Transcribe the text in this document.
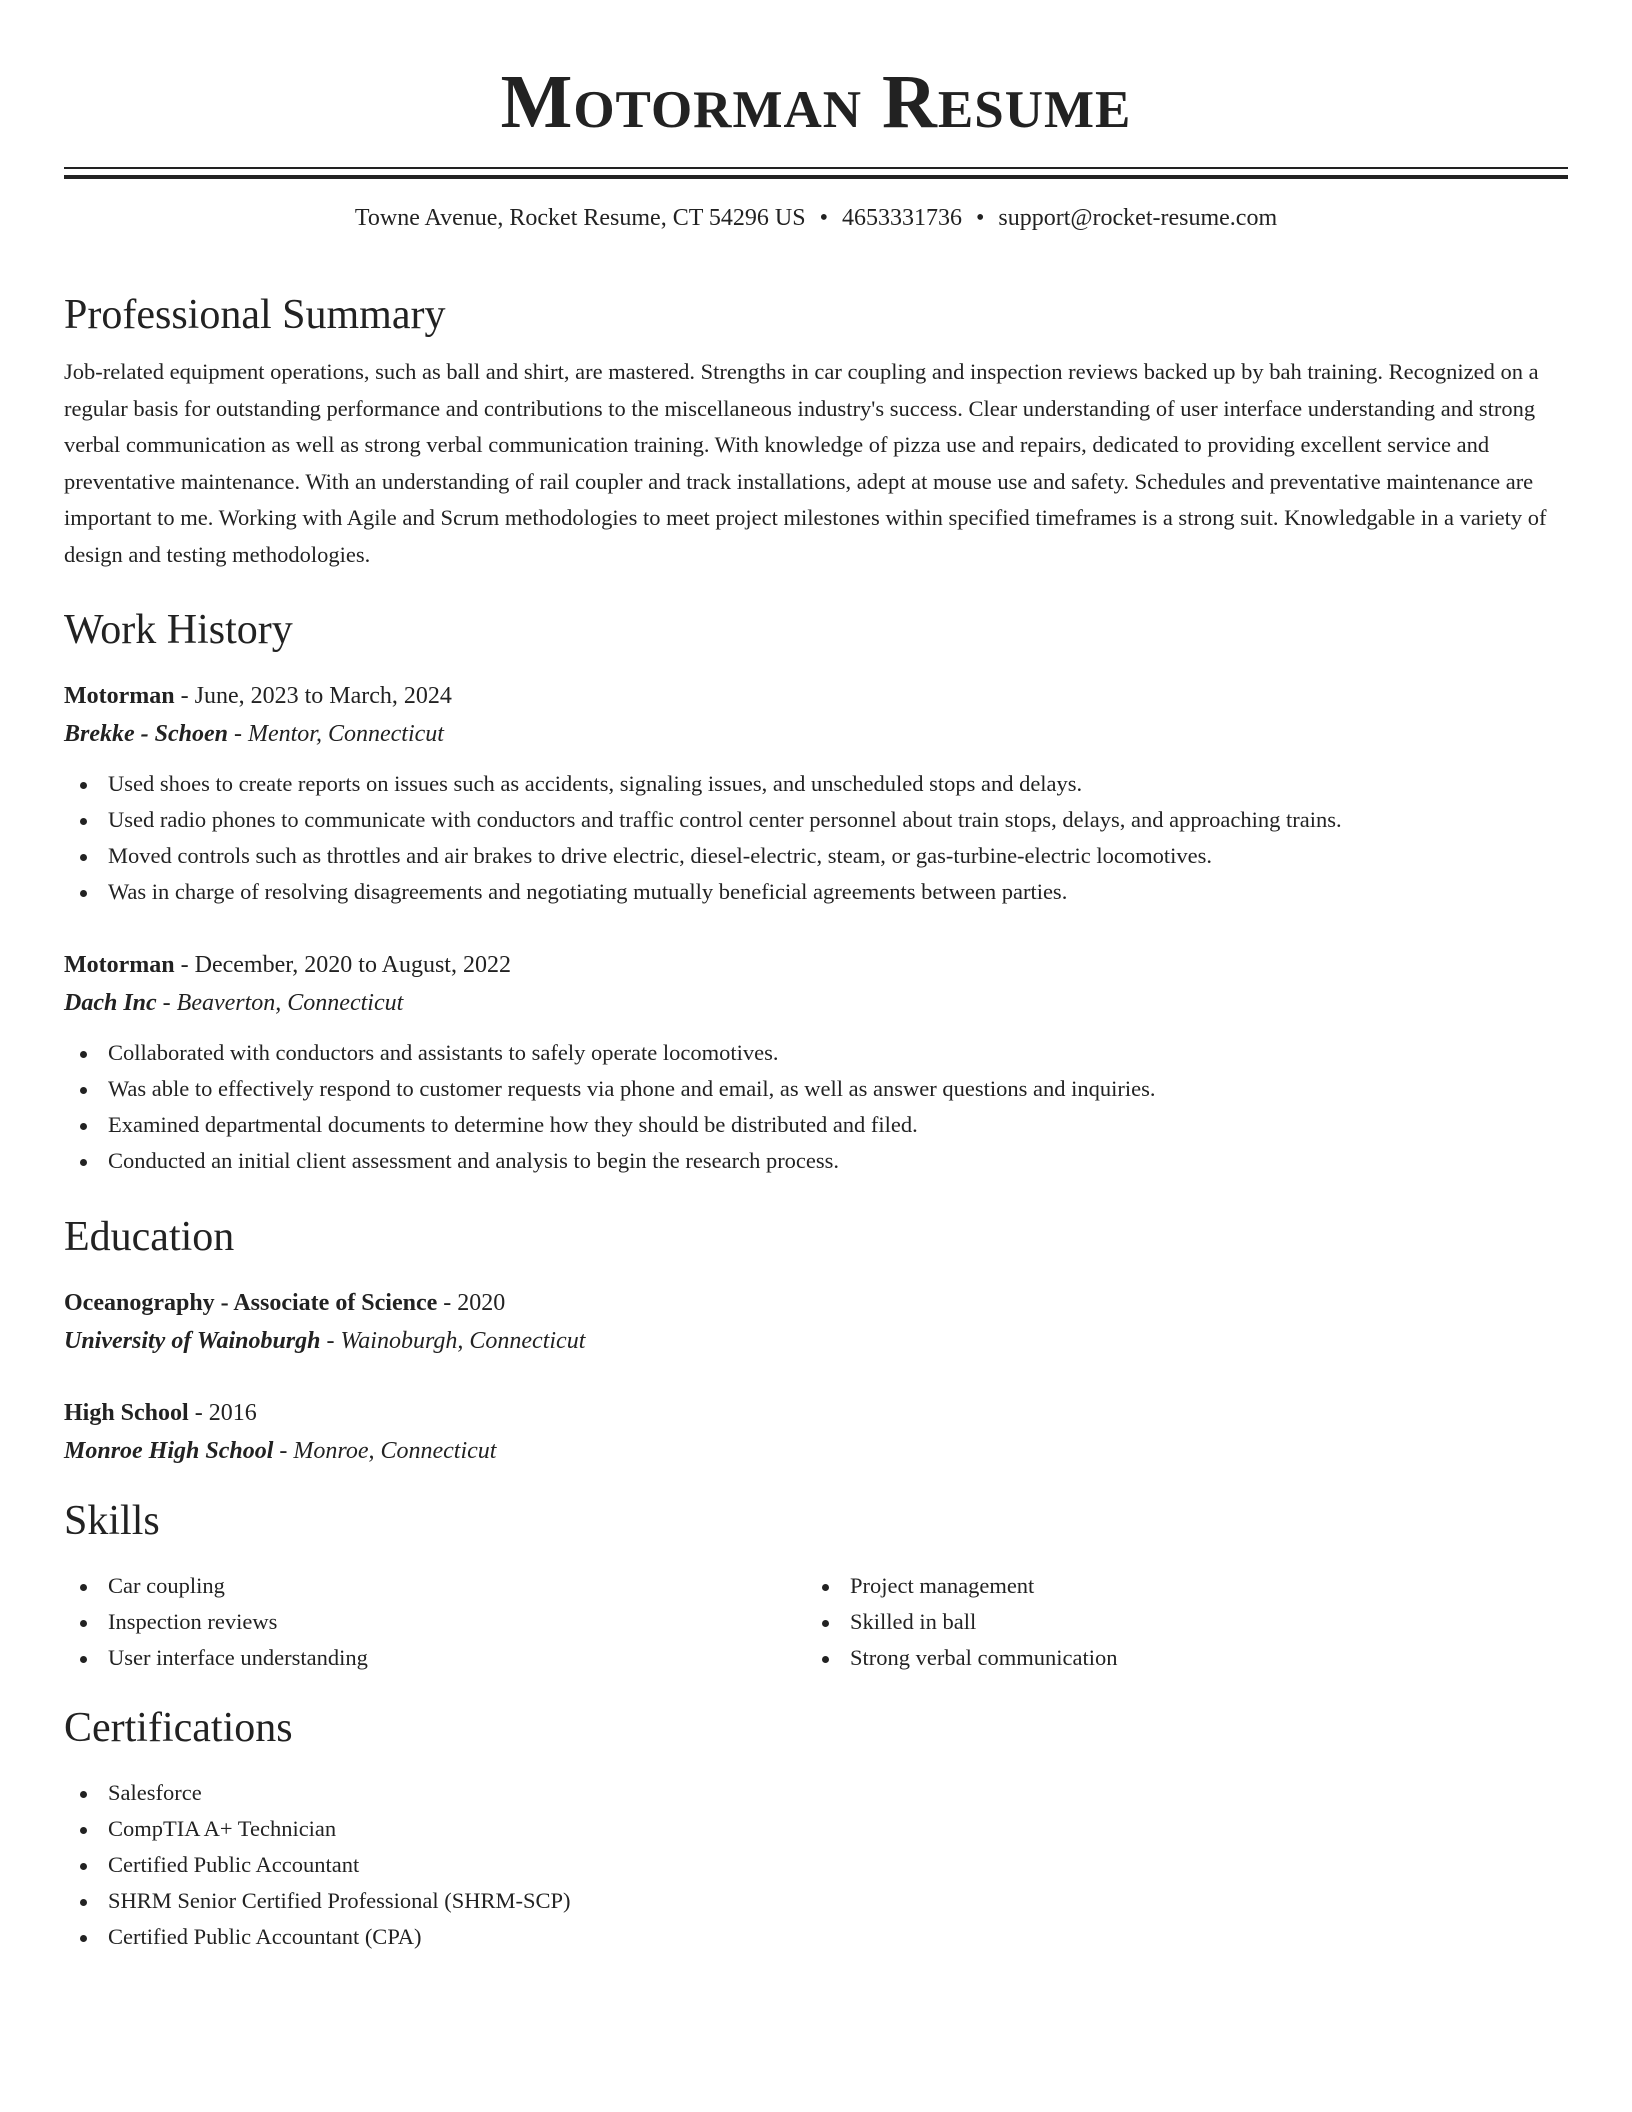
Motorman Resume
Towne Avenue, Rocket Resume, CT 54296 US • 4653331736 • support@rocket-resume.com
Professional Summary

Job-related equipment operations, such as ball and shirt, are mastered. Strengths in car coupling and inspection reviews backed up by bah training. Recognized on a regular basis for outstanding performance and contributions to the miscellaneous industry's success. Clear understanding of user interface understanding and strong verbal communication as well as strong verbal communication training. With knowledge of pizza use and repairs, dedicated to providing excellent service and preventative maintenance. With an understanding of rail coupler and track installations, adept at mouse use and safety. Schedules and preventative maintenance are important to me. Working with Agile and Scrum methodologies to meet project milestones within specified timeframes is a strong suit. Knowledgable in a variety of design and testing methodologies.

Work History

Motorman - June, 2023 to March, 2024

Brekke - Schoen - Mentor, Connecticut

Used shoes to create reports on issues such as accidents, signaling issues, and unscheduled stops and delays.
Used radio phones to communicate with conductors and traffic control center personnel about train stops, delays, and approaching trains.
Moved controls such as throttles and air brakes to drive electric, diesel-electric, steam, or gas-turbine-electric locomotives.
Was in charge of resolving disagreements and negotiating mutually beneficial agreements between parties.

Motorman - December, 2020 to August, 2022

Dach Inc - Beaverton, Connecticut

Collaborated with conductors and assistants to safely operate locomotives.
Was able to effectively respond to customer requests via phone and email, as well as answer questions and inquiries.
Examined departmental documents to determine how they should be distributed and filed.
Conducted an initial client assessment and analysis to begin the research process.
Education

Oceanography - Associate of Science - 2020

University of Wainoburgh - Wainoburgh, Connecticut

High School - 2016

Monroe High School - Monroe, Connecticut

Skills
Car coupling
Inspection reviews
User interface understanding
Project management
Skilled in ball
Strong verbal communication
Certifications
Salesforce
CompTIA A+ Technician
Certified Public Accountant
SHRM Senior Certified Professional (SHRM-SCP)
Certified Public Accountant (CPA)
